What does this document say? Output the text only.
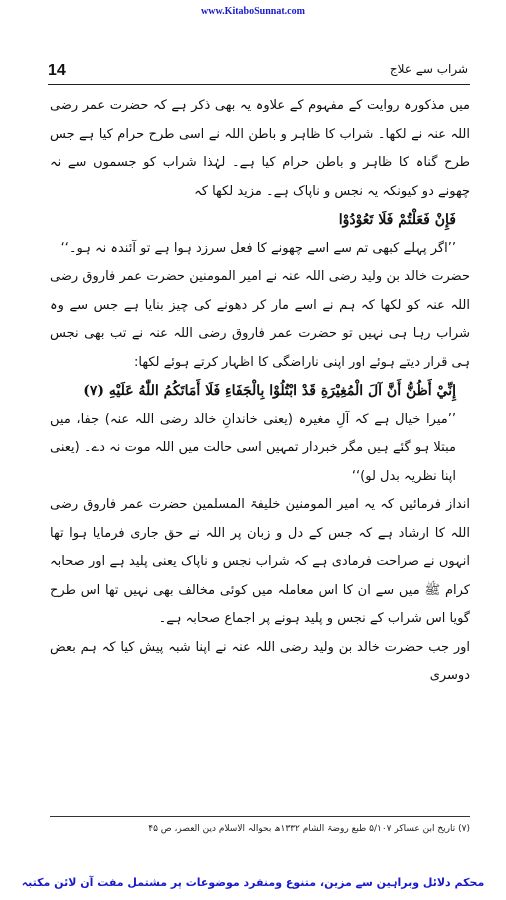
www.KitaboSunnat.com
14	شراب سے علاج

میں مذکورہ روایت کے مفہوم کے علاوہ یہ بھی ذکر ہے کہ حضرت عمر رضی اللہ عنہ نے لکھا۔ شراب کا ظاہر و باطن اللہ نے اسی طرح حرام کیا ہے جس طرح گناہ کا ظاہر و باطن حرام کیا ہے۔ لہٰذا شراب کو جسموں سے نہ چھونے دو کیونکہ یہ نجس و ناپاک ہے۔ مزید لکھا کہ

فَإِنْ فَعَلْتُمْ فَلَا تَعُوْدُوْا

’’اگر پہلے کبھی تم سے اسے چھونے کا فعل سرزد ہوا ہے تو آئندہ نہ ہو۔‘‘

حضرت خالد بن ولید رضی اللہ عنہ نے امیر المومنین حضرت عمر فاروق رضی اللہ عنہ کو لکھا کہ ہم نے اسے مار کر دھونے کی چیز بنایا ہے جس سے وہ شراب رہا ہی نہیں تو حضرت عمر فاروق رضی اللہ عنہ نے تب بھی نجس ہی قرار دیتے ہوئے اور اپنی ناراضگی کا اظہار کرتے ہوئے لکھا:

إِنِّيْ أَظُنُّ أَنَّ آلَ الْمُغِيْرَةِ قَدْ ابْتُلُوْا بِالْجَفَاءِ فَلَا أَمَاتَكُمُ اللّٰهُ عَلَيْهِ (۷)

’’میرا خیال ہے کہ آلِ مغیرہ (یعنی خاندانِ خالد رضی اللہ عنہ) جفا، میں مبتلا ہو گئے ہیں مگر خبردار تمہیں اسی حالت میں اللہ موت نہ دے۔ (یعنی اپنا نظریہ بدل لو)‘‘

انداز فرمائیں کہ یہ امیر المومنین خلیفۃ المسلمین حضرت عمر فاروق رضی اللہ کا ارشاد ہے کہ جس کے دل و زبان پر اللہ نے حق جاری فرمایا ہوا تھا انہوں نے صراحت فرمادی ہے کہ شراب نجس و ناپاک یعنی پلید ہے اور صحابہ کرام ﷺ میں سے ان کا اس معاملہ میں کوئی مخالف بھی نہیں تھا اس طرح گویا اس شراب کے نجس و پلید ہونے پر اجماع صحابہ ہے۔

اور جب حضرت خالد بن ولید رضی اللہ عنہ نے اپنا شبہ پیش کیا کہ ہم بعض دوسری

(۷) تاریخ ابن عساکر ۵/۱۰۷ طبع روضۃ الشام ۱۳۳۲ھ بحوالہ الاسلام دین العصر، ص ۴۵
محکم دلائل وبراہین سے مزین، متنوع ومنفرد موضوعات پر مشتمل مفت آن لائن مکتبہ
